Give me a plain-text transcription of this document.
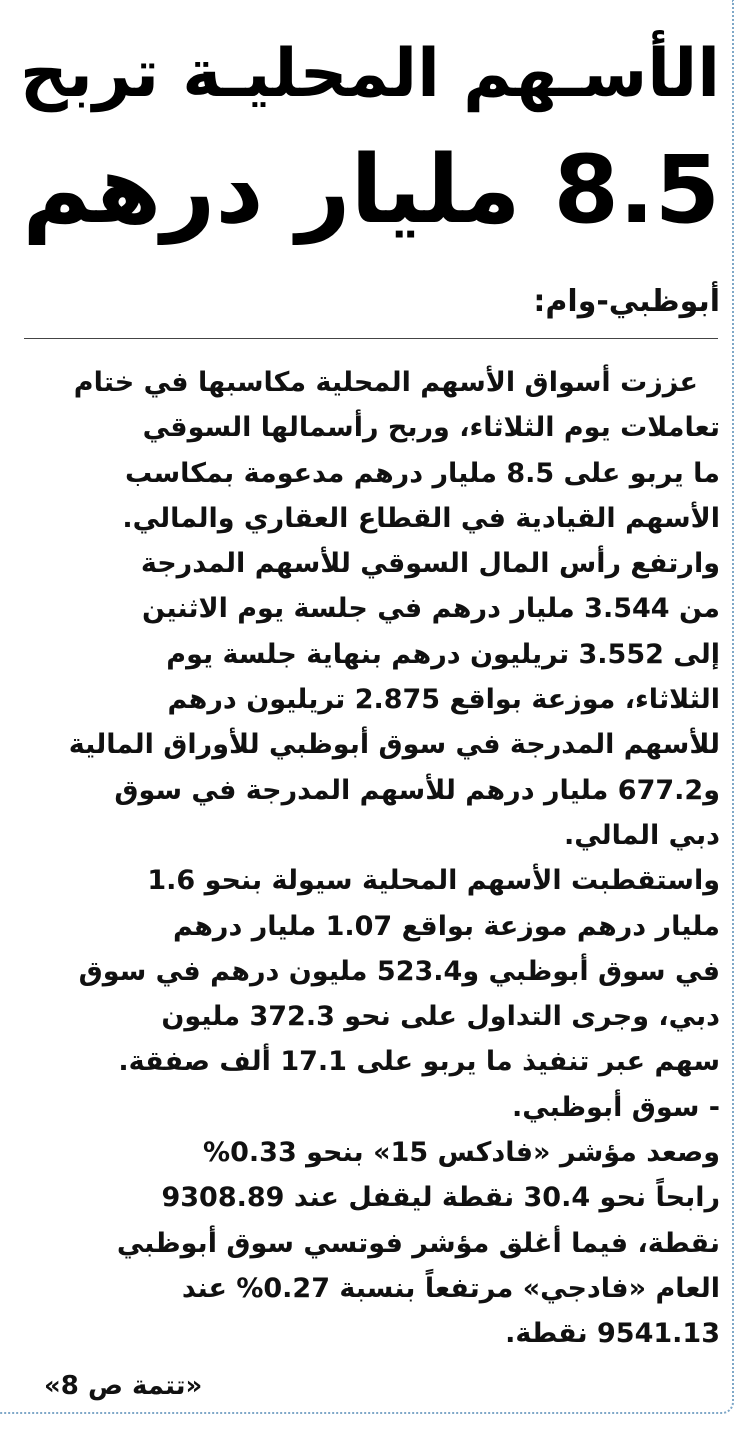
الأسـهم المحليـة تربح
8.5 مليار درهم
أبوظبي-وام:
عززت أسواق الأسهم المحلية مكاسبها في ختام
تعاملات يوم الثلاثاء، وربح رأسمالها السوقي
ما يربو على 8.5 مليار درهم مدعومة بمكاسب
الأسهم القيادية في القطاع العقاري والمالي.
وارتفع رأس المال السوقي للأسهم المدرجة
من 3.544 مليار درهم في جلسة يوم الاثنين
إلى 3.552 تريليون درهم بنهاية جلسة يوم
الثلاثاء، موزعة بواقع 2.875 تريليون درهم
للأسهم المدرجة في سوق أبوظبي للأوراق المالية
و677.2 مليار درهم للأسهم المدرجة في سوق
دبي المالي.
واستقطبت الأسهم المحلية سيولة بنحو 1.6
مليار درهم موزعة بواقع 1.07 مليار درهم
في سوق أبوظبي و523.4 مليون درهم في سوق
دبي، وجرى التداول على نحو 372.3 مليون
سهم عبر تنفيذ ما يربو على 17.1 ألف صفقة.
- سوق أبوظبي.
وصعد مؤشر «فادكس 15» بنحو 0.33%
رابحاً نحو 30.4 نقطة ليقفل عند 9308.89
نقطة، فيما أغلق مؤشر فوتسي سوق أبوظبي
العام «فادجي» مرتفعاً بنسبة 0.27% عند
9541.13 نقطة.
«تتمة ص 8»
